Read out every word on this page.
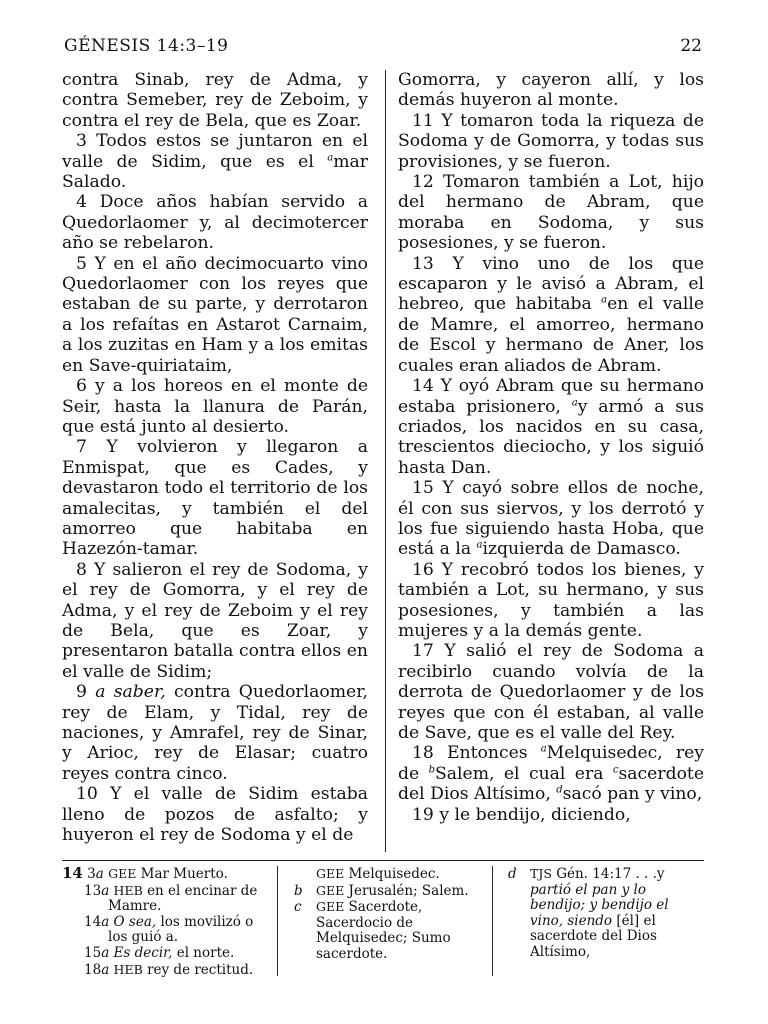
GÉNESIS 14:3–19	22

contra Sinab, rey de Adma, y contra Semeber, rey de Zeboim, y contra el rey de Bela, que es Zoar.

3 Todos estos se juntaron en el valle de Sidim, que es el $^a$mar Salado.

4 Doce años habían servido a Quedorlaomer y, al decimotercer año se rebelaron.

5 Y en el año decimocuarto vino Quedorlaomer con los reyes que estaban de su parte, y derrotaron a los refaítas en Astarot Carnaim, a los zuzitas en Ham y a los emitas en Save-quiriataim,

6 y a los horeos en el monte de Seir, hasta la llanura de Parán, que está junto al desierto.

7 Y volvieron y llegaron a Enmispat, que es Cades, y devastaron todo el territorio de los amalecitas, y también el del amorreo que habitaba en Hazezón-tamar.

8 Y salieron el rey de Sodoma, y el rey de Gomorra, y el rey de Adma, y el rey de Zeboim y el rey de Bela, que es Zoar, y presentaron batalla contra ellos en el valle de Sidim;

9 a saber, contra Quedorlaomer, rey de Elam, y Tidal, rey de naciones, y Amrafel, rey de Sinar, y Arioc, rey de Elasar; cuatro reyes contra cinco.

10 Y el valle de Sidim estaba lleno de pozos de asfalto; y huyeron el rey de Sodoma y el de

Gomorra, y cayeron allí, y los demás huyeron al monte.

11 Y tomaron toda la riqueza de Sodoma y de Gomorra, y todas sus provisiones, y se fueron.

12 Tomaron también a Lot, hijo del hermano de Abram, que moraba en Sodoma, y sus posesiones, y se fueron.

13 Y vino uno de los que escaparon y le avisó a Abram, el hebreo, que habitaba $^a$en el valle de Mamre, el amorreo, hermano de Escol y hermano de Aner, los cuales eran aliados de Abram.

14 Y oyó Abram que su hermano estaba prisionero, $^a$y armó a sus criados, los nacidos en su casa, trescientos dieciocho, y los siguió hasta Dan.

15 Y cayó sobre ellos de noche, él con sus siervos, y los derrotó y los fue siguiendo hasta Hoba, que está a la $^a$izquierda de Damasco.

16 Y recobró todos los bienes, y también a Lot, su hermano, y sus posesiones, y también a las mujeres y a la demás gente.

17 Y salió el rey de Sodoma a recibirlo cuando volvía de la derrota de Quedorlaomer y de los reyes que con él estaban, al valle de Save, que es el valle del Rey.

18 Entonces $^a$Melquisedec, rey de $^b$Salem, el cual era $^c$sacerdote del Dios Altísimo, $^d$sacó pan y vino,

19 y le bendijo, diciendo,

14 3a GEE Mar Muerto.

13a HEB en el encinar de Mamre.

14a O sea, los movilizó o los guió a.

15a Es decir, el norte.

18a HEB rey de rectitud.

GEE Melquisedec.

b GEE Jerusalén; Salem.

c GEE Sacerdote, Sacerdocio de Melquisedec; Sumo sacerdote.

d TJS Gén. 14:17 . . .y partió el pan y lo bendijo; y bendijo el vino, siendo [él] el sacerdote del Dios Altísimo,
